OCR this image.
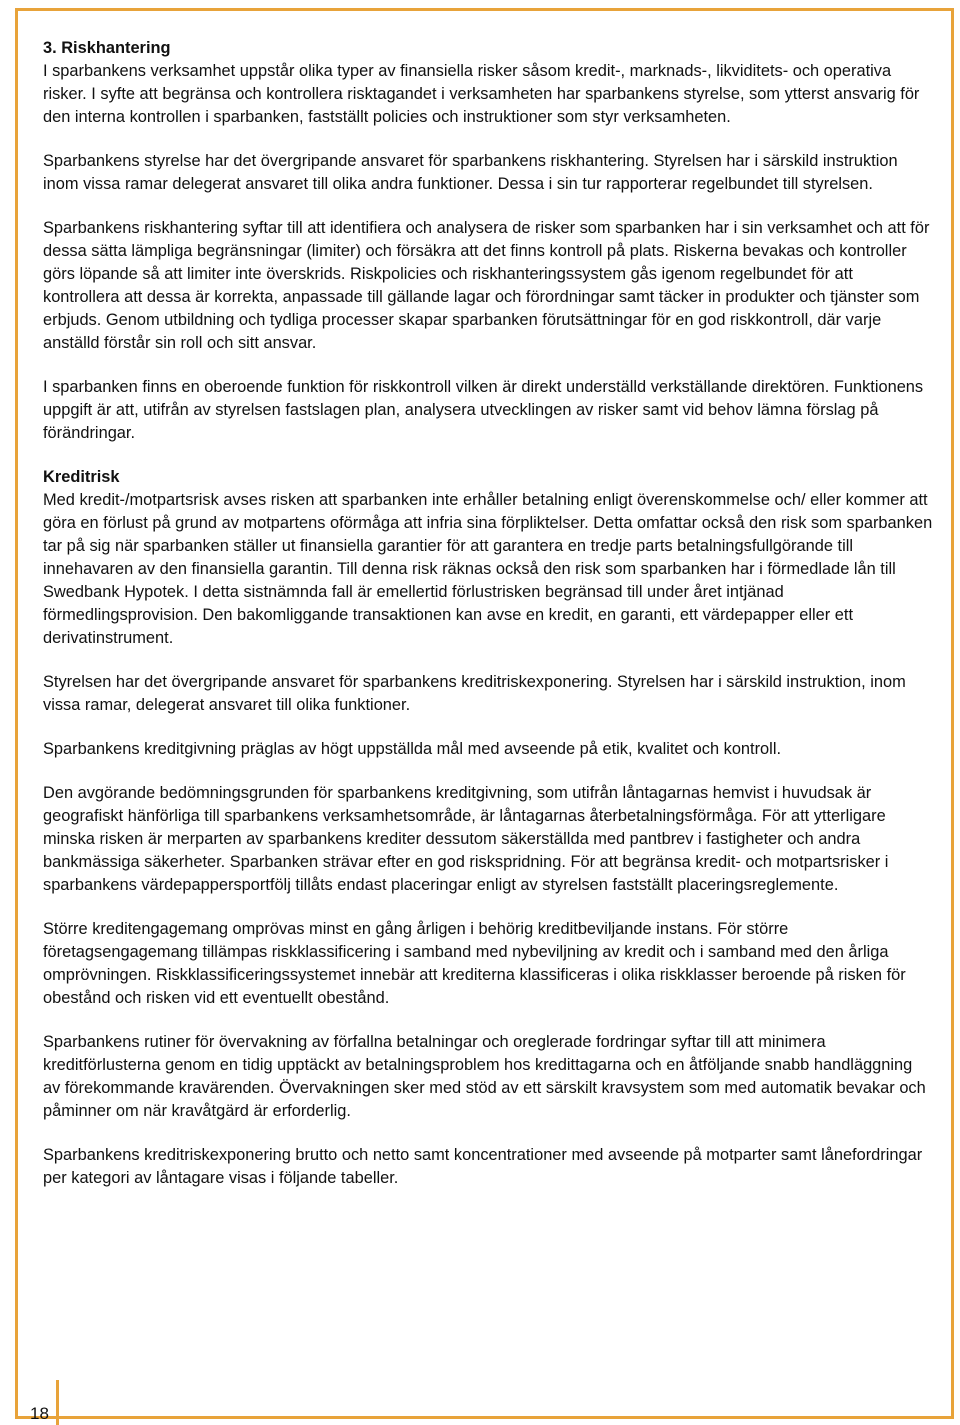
3. Riskhantering

I sparbankens verksamhet uppstår olika typer av finansiella risker såsom kredit-, marknads-, likviditets- och operativa risker. I syfte att begränsa och kontrollera risktagandet i verksamheten har sparbankens styrelse, som ytterst ansvarig för den interna kontrollen i sparbanken, fastställt policies och instruktioner som styr verksamheten.

Sparbankens styrelse har det övergripande ansvaret för sparbankens riskhantering. Styrelsen har i särskild instruktion inom vissa ramar delegerat ansvaret till olika andra funktioner. Dessa i sin tur rapporterar regelbundet till styrelsen.

Sparbankens riskhantering syftar till att identifiera och analysera de risker som sparbanken har i sin verksamhet och att för dessa sätta lämpliga begränsningar (limiter) och försäkra att det finns kontroll på plats. Riskerna bevakas och kontroller görs löpande så att limiter inte överskrids. Riskpolicies och riskhanteringssystem gås igenom regelbundet för att kontrollera att dessa är korrekta, anpassade till gällande lagar och förordningar samt täcker in produkter och tjänster som erbjuds. Genom utbildning och tydliga processer skapar sparbanken förutsättningar för en god riskkontroll, där varje anställd förstår sin roll och sitt ansvar.

I sparbanken finns en oberoende funktion för riskkontroll vilken är direkt underställd verkställande direktören. Funktionens uppgift är att, utifrån av styrelsen fastslagen plan, analysera utvecklingen av risker samt vid behov lämna förslag på förändringar.

Kreditrisk

Med kredit-/motpartsrisk avses risken att sparbanken inte erhåller betalning enligt överenskommelse och/ eller kommer att göra en förlust på grund av motpartens oförmåga att infria sina förpliktelser. Detta omfattar också den risk som sparbanken tar på sig när sparbanken ställer ut finansiella garantier för att garantera en tredje parts betalningsfullgörande till innehavaren av den finansiella garantin. Till denna risk räknas också den risk som sparbanken har i förmedlade lån till Swedbank Hypotek. I detta sistnämnda fall är emellertid förlustrisken begränsad till under året intjänad förmedlingsprovision. Den bakomliggande transaktionen kan avse en kredit, en garanti, ett värdepapper eller ett derivatinstrument.

Styrelsen har det övergripande ansvaret för sparbankens kreditriskexponering. Styrelsen har i särskild instruktion, inom vissa ramar, delegerat ansvaret till olika funktioner.

Sparbankens kreditgivning präglas av högt uppställda mål med avseende på etik, kvalitet och kontroll.

Den avgörande bedömningsgrunden för sparbankens kreditgivning, som utifrån låntagarnas hemvist i huvudsak är geografiskt hänförliga till sparbankens verksamhetsområde, är låntagarnas återbetalningsförmåga. För att ytterligare minska risken är merparten av sparbankens krediter dessutom säkerställda med pantbrev i fastigheter och andra bankmässiga säkerheter. Sparbanken strävar efter en god riskspridning. För att begränsa kredit- och motpartsrisker i sparbankens värdepappersportfölj tillåts endast placeringar enligt av styrelsen fastställt placeringsreglemente.

Större kreditengagemang omprövas minst en gång årligen i behörig kreditbeviljande instans. För större företagsengagemang tillämpas riskklassificering i samband med nybeviljning av kredit och i samband med den årliga omprövningen. Riskklassificeringssystemet innebär att krediterna klassificeras i olika riskklasser beroende på risken för obestånd och risken vid ett eventuellt obestånd.

Sparbankens rutiner för övervakning av förfallna betalningar och oreglerade fordringar syftar till att minimera kreditförlusterna genom en tidig upptäckt av betalningsproblem hos kredittagarna och en åtföljande snabb handläggning av förekommande kravärenden. Övervakningen sker med stöd av ett särskilt kravsystem som med automatik bevakar och påminner om när kravåtgärd är erforderlig.

Sparbankens kreditriskexponering brutto och netto samt koncentrationer med avseende på motparter samt lånefordringar per kategori av låntagare visas i följande tabeller.

18
